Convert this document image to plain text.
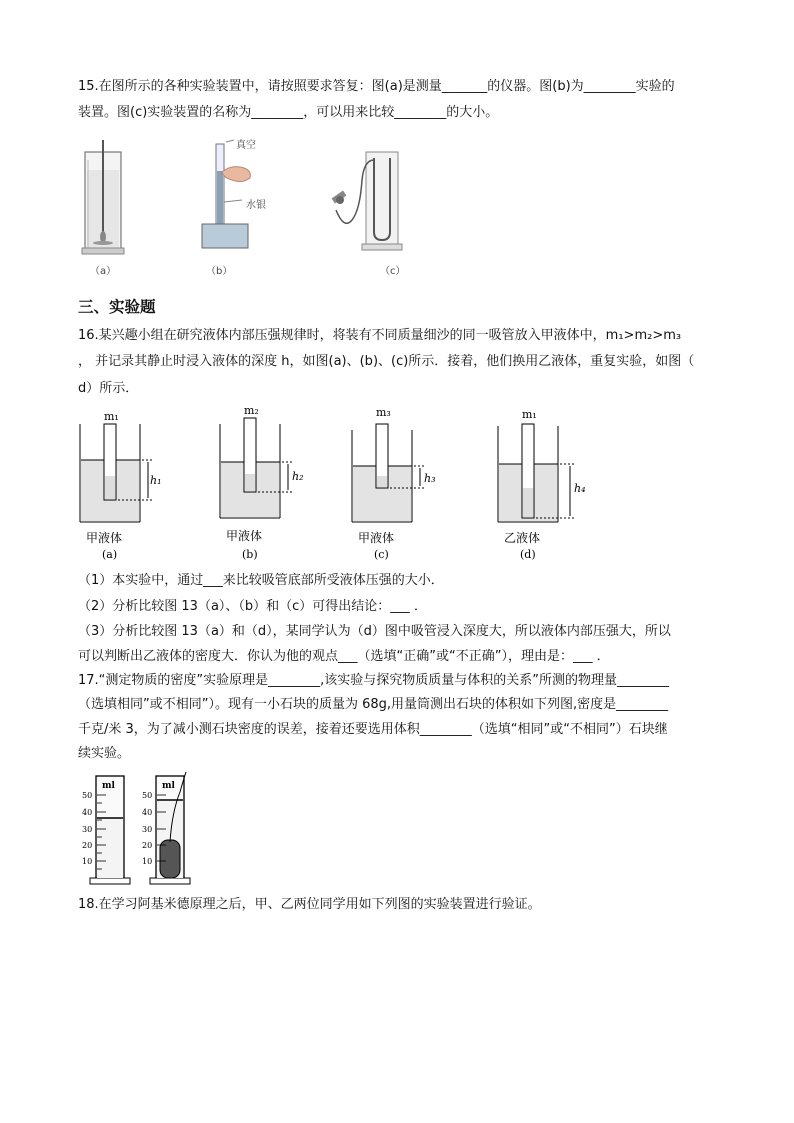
15.在图所示的各种实验装置中，请按照要求答复：图(a)是测量_______的仪器。图(b)为________实验的
装置。图(c)实验装置的名称为________，可以用来比较________的大小。
（a）
真空
水银
（b）	（c）
三、实验题
16.某兴趣小组在研究液体内部压强规律时，将装有不同质量细沙的同一吸管放入甲液体中，m₁>m₂>m₃
， 并记录其静止时浸入液体的深度 h，如图(a)、(b)、(c)所示．接着，他们换用乙液体，重复实验，如图（
d）所示．
m₁
h₁
甲液体
(a)
m₂
h₂
甲液体
(b)
m₃
h₃
甲液体
(c)
m₁
h₄
乙液体
(d)
（1）本实验中，通过___来比较吸管底部所受液体压强的大小．
（2）分析比较图 13（a）、（b）和（c）可得出结论：___ ．
（3）分析比较图 13（a）和（d），某同学认为（d）图中吸管浸入深度大，所以液体内部压强大，所以
可以判断出乙液体的密度大．你认为他的观点___（选填“正确”或“不正确”），理由是：___ ．
17.“测定物质的密度”实验原理是________,该实验与探究物质质量与体积的关系”所测的物理量________
（选填相同”或不相同”）。现有一小石块的质量为 68g,用量筒测出石块的体积如下列图,密度是________
千克/米 3，为了减小测石块密度的误差，接着还要选用体积________（选填“相同”或“不相同”）石块继
续实验。
ml
50
40
30
20
10
ml
50
40
30
20
10
18.在学习阿基米德原理之后，甲、乙两位同学用如下列图的实验装置进行验证。
